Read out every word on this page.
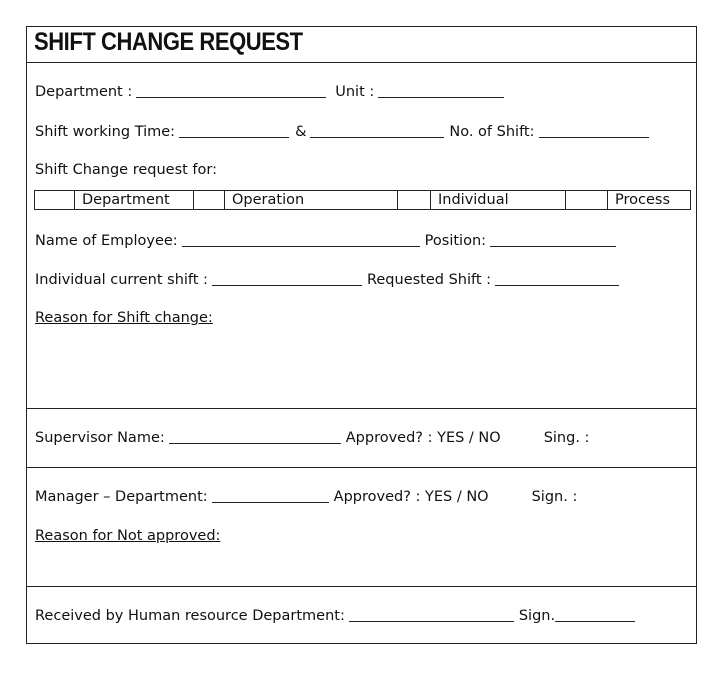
SHIFT CHANGE REQUEST
Department :	Unit :
Shift working Time:	&	No. of Shift:
Shift Change request for:
Department	Operation	Individual	Process
Name of Employee:	Position:
Individual current shift :	Requested Shift :
Reason for Shift change:
Supervisor Name:	Approved? : YES / NO	Sing. :
Manager – Department:	Approved? : YES / NO	Sign. :
Reason for Not approved:
Received by Human resource Department:	Sign.
